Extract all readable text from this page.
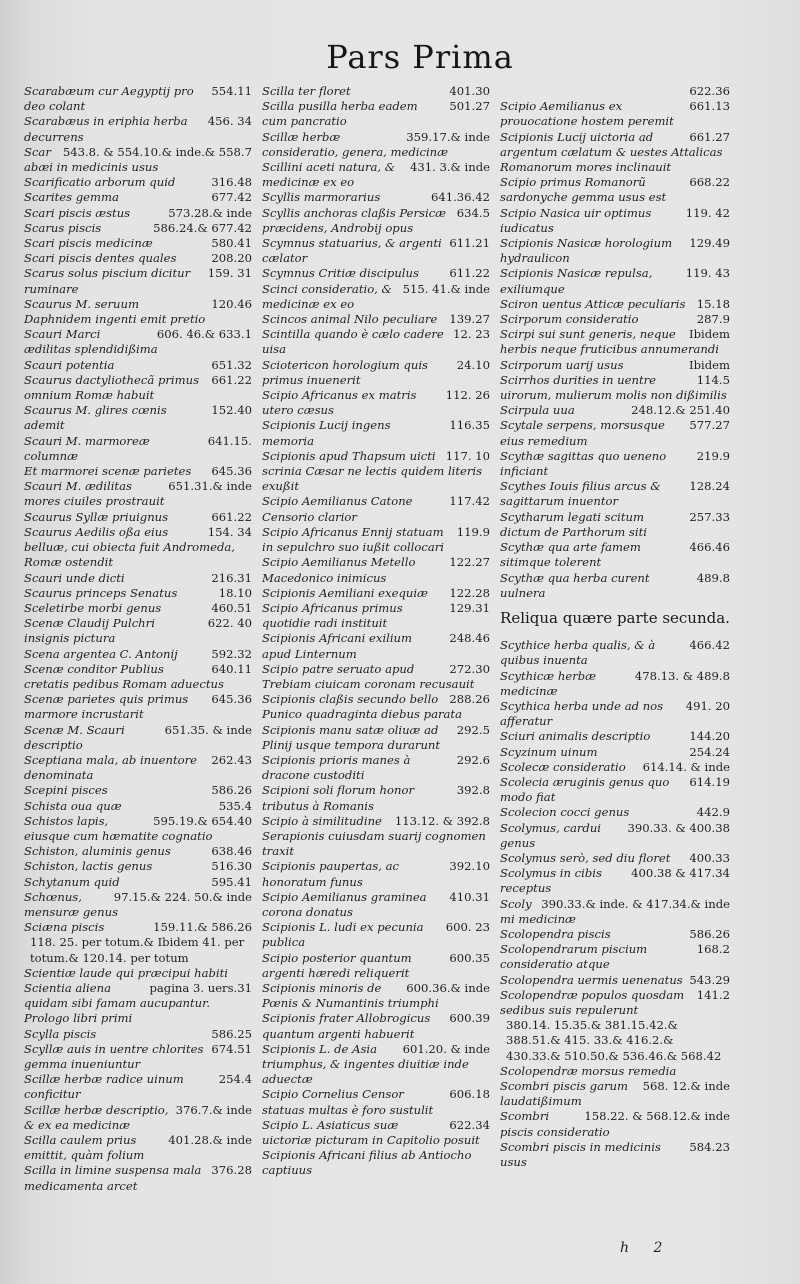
Pars Prima
554.11
Scarabæum cur Aegyptij pro deo colant
456. 34
Scarabæus in eriphia herba decurrens
543.8. & 554.10.& inde.& 558.7
Scarabæi in medicinis usus
316.48
Scarificatio arborum quid
677.42
Scarites gemma
573.28.& inde
Scari piscis æstus
586.24.& 677.42
Scarus piscis
580.41
Scari piscis medicinæ
208.20
Scari piscis dentes quales
159. 31
Scarus solus piscium dicitur ruminare
120.46
Scaurus M. seruum Daphnidem ingenti emit pretio
606. 46.& 633.1
Scauri Marci ædilitas splendidißima
651.32
Scauri potentia
661.22
Scaurus dactyliothecã primus omnium Romæ habuit
152.40
Scaurus M. glires cœnis ademit
641.15.
Scauri M. marmoreæ columnæ
645.36
Et marmorei scenæ parietes
651.31.& inde
Scauri M. ædilitas mores ciuiles prostrauit
661.22
Scaurus Syllæ priuignus
154. 34
Scaurus Aedilis oßa eius belluæ, cui obiecta fuit Andromeda, Romæ ostendit
216.31
Scauri unde dicti
18.10
Scaurus princeps Senatus
460.51
Sceletirbe morbi genus
622. 40
Scenæ Claudij Pulchri insignis pictura
592.32
Scena argentea C. Antonij
640.11
Scenæ conditor Publius cretatis pedibus Romam aduectus
645.36
Scenæ parietes quis primus marmore incrustarit
651.35. & inde
Scenæ M. Scauri descriptio
262.43
Sceptiana mala, ab inuentore denominata
586.26
Scepini pisces
535.4
Schista oua quæ
595.19.& 654.40
Schistos lapis, eiusque cum hæmatite cognatio
638.46
Schiston, aluminis genus
516.30
Schiston, lactis genus
595.41
Schytanum quid
97.15.& 224. 50.& inde
Schœnus, mensuræ genus
159.11.& 586.26
Sciæna piscis
118. 25. per totum.& Ibidem 41. per totum.& 120.14. per totum
Scientiæ laude qui præcipui habiti
pagina 3. uers.31
Scientia aliena quidam sibi famam aucupantur. Prologo libri primi
586.25
Scylla piscis
674.51
Scyllæ auis in uentre chlorites gemma inueniuntur
254.4
Scillæ herbæ radice uinum conficitur
376.7.& inde
Scillæ herbæ descriptio, & ex ea medicinæ
401.28.& inde
Scilla caulem prius emittit, quàm folium
376.28
Scilla in limine suspensa mala medicamenta arcet
401.30
Scilla ter floret
501.27
Scilla pusilla herba eadem cum pancratio
359.17.& inde
Scillæ herbæ consideratio, genera, medicinæ
431. 3.& inde
Scillini aceti natura, & medicinæ ex eo
641.36.42
Scyllis marmorarius
634.5
Scyllis anchoras claßis Persicæ præcidens, Androbij opus
611.21
Scymnus statuarius, & argenti cælator
611.22
Scymnus Critiæ discipulus
515. 41.& inde
Scinci consideratio, & medicinæ ex eo
139.27
Scincos animal Nilo peculiare
12. 23
Scintilla quando è cælo cadere uisa
24.10
Sciotericon horologium quis primus inuenerit
112. 26
Scipio Africanus ex matris utero cæsus
116.35
Scipionis Lucij ingens memoria
117. 10
Scipionis apud Thapsum uicti scrinia Cæsar ne lectis quidem literis exußit
117.42
Scipio Aemilianus Catone Censorio clarior
119.9
Scipio Africanus Ennij statuam in sepulchro suo iußit collocari
122.27
Scipio Aemilianus Metello Macedonico inimicus
122.28
Scipionis Aemiliani exequiæ
129.31
Scipio Africanus primus quotidie radi instituit
248.46
Scipionis Africani exilium apud Linternum
272.30
Scipio patre seruato apud Trebiam ciuicam coronam recusauit
288.26
Scipionis claßis secundo bello Punico quadraginta diebus parata
292.5
Scipionis manu satæ oliuæ ad Plinij usque tempora durarunt
292.6
Scipionis prioris manes à dracone custoditi
392.8
Scipioni soli florum honor tributus à Romanis
113.12. & 392.8
Scipio à similitudine Serapionis cuiusdam suarij cognomen traxit
392.10
Scipionis paupertas, ac honoratum funus
410.31
Scipio Aemilianus graminea corona donatus
600. 23
Scipionis L. ludi ex pecunia publica
600.35
Scipio posterior quantum argenti hæredi reliquerit
600.36.& inde
Scipionis minoris de Pœnis & Numantinis triumphi
600.39
Scipionis frater Allobrogicus quantum argenti habuerit
601.20. & inde
Scipionis L. de Asia triumphus, & ingentes diuitiæ inde aduectæ
606.18
Scipio Cornelius Censor statuas multas è foro sustulit
622.34
Scipio L. Asiaticus suæ uictoriæ picturam in Capitolio posuit
Scipionis Africani filius ab Antiocho captiuus
622.36
661.13
Scipio Aemilianus ex prouocatione hostem peremit
661.27
Scipionis Lucij uictoria ad argentum cælatum & uestes Attalicas Romanorum mores inclinauit
668.22
Scipio primus Romanorũ sardonyche gemma usus est
119. 42
Scipio Nasica uir optimus iudicatus
129.49
Scipionis Nasicæ horologium hydraulicon
119. 43
Scipionis Nasicæ repulsa, exiliumque
15.18
Sciron uentus Atticæ peculiaris
287.9
Scirporum consideratio
Ibidem
Scirpi sui sunt generis, neque herbis neque fruticibus annumerandi
Ibidem
Scirporum uarij usus
114.5
Scirrhos durities in uentre uirorum, mulierum molis non dißimilis
248.12.& 251.40
Scirpula uua
577.27
Scytale serpens, morsusque eius remedium
219.9
Scythæ sagittas quo ueneno inficiant
128.24
Scythes Iouis filius arcus & sagittarum inuentor
257.33
Scytharum legati scitum dictum de Parthorum siti
466.46
Scythæ qua arte famem sitimque tolerent
489.8
Scythæ qua herba curent uulnera
Reliqua quære parte secunda.
466.42
Scythice herba qualis, & à quibus inuenta
478.13. & 489.8
Scythicæ herbæ medicinæ
491. 20
Scythica herba unde ad nos afferatur
144.20
Sciuri animalis descriptio
254.24
Scyzinum uinum
614.14. & inde
Scolecæ consideratio
614.19
Scolecia æruginis genus quo modo fiat
442.9
Scolecion cocci genus
390.33. & 400.38
Scolymus, cardui genus
400.33
Scolymus serò, sed diu floret
400.38 & 417.34
Scolymus in cibis receptus
390.33.& inde. & 417.34.& inde
Scolymi medicinæ
586.26
Scolopendra piscis
168.2
Scolopendrarum piscium consideratio atque
543.29
Scolopendra uermis uenenatus
141.2
Scolopendræ populos quosdam sedibus suis repulerunt
380.14. 15.35.& 381.15.42.& 388.51.& 415. 33.& 416.2.& 430.33.& 510.50.& 536.46.& 568.42
Scolopendræ morsus remedia
568. 12.& inde
Scombri piscis garum laudatißimum
158.22. & 568.12.& inde
Scombri piscis consideratio
584.23
Scombri piscis in medicinis usus
h 2
